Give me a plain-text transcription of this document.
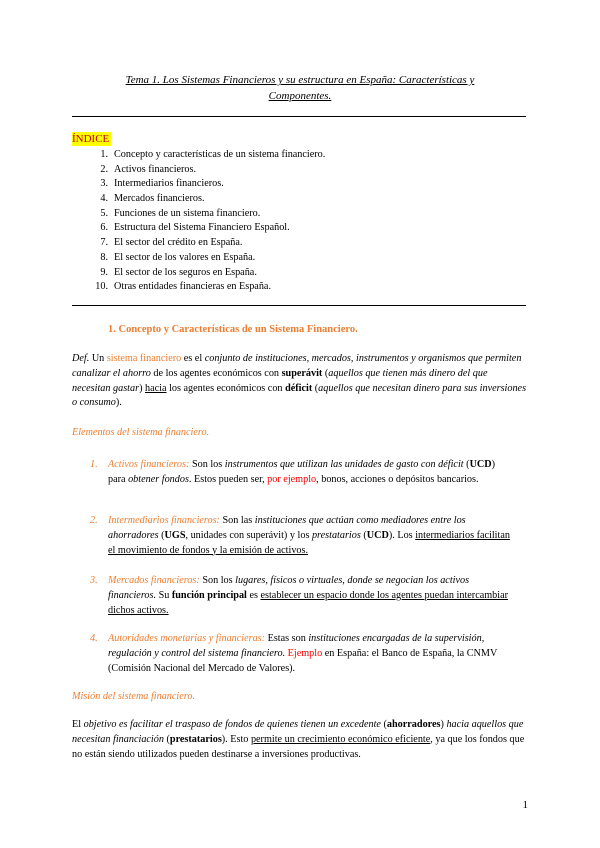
Tema 1. Los Sistemas Financieros y su estructura en España: Características y
Componentes.
ÍNDICE
1. Concepto y características de un sistema financiero.
2. Activos financieros.
3. Intermediarios financieros.
4. Mercados financieros.
5. Funciones de un sistema financiero.
6. Estructura del Sistema Financiero Español.
7. El sector del crédito en España.
8. El sector de los valores en España.
9. El sector de los seguros en España.
10. Otras entidades financieras en España.
1. Concepto y Características de un Sistema Financiero.
Def. Un sistema financiero es el conjunto de instituciones, mercados, instrumentos y organismos que permiten canalizar el ahorro de los agentes económicos con superávit (aquellos que tienen más dinero del que necesitan gastar) hacia los agentes económicos con déficit (aquellos que necesitan dinero para sus inversiones o consumo).
Elementos del sistema financiero.
1. Activos financieros: Son los instrumentos que utilizan las unidades de gasto con déficit (UCD) para obtener fondos. Estos pueden ser, por ejemplo, bonos, acciones o depósitos bancarios.
2. Intermediarios financieros: Son las instituciones que actúan como mediadores entre los ahorradores (UGS, unidades con superávit) y los prestatarios (UCD). Los intermediarios facilitan el movimiento de fondos y la emisión de activos.
3. Mercados financieros: Son los lugares, físicos o virtuales, donde se negocian los activos financieros. Su función principal es establecer un espacio donde los agentes puedan intercambiar dichos activos.
4. Autoridades monetarias y financieras: Estas son instituciones encargadas de la supervisión, regulación y control del sistema financiero. Ejemplo en España: el Banco de España, la CNMV (Comisión Nacional del Mercado de Valores).
Misión del sistema financiero.
El objetivo es facilitar el traspaso de fondos de quienes tienen un excedente (ahorradores) hacia aquellos que necesitan financiación (prestatarios). Esto permite un crecimiento económico eficiente, ya que los fondos que no están siendo utilizados pueden destinarse a inversiones productivas.
1
